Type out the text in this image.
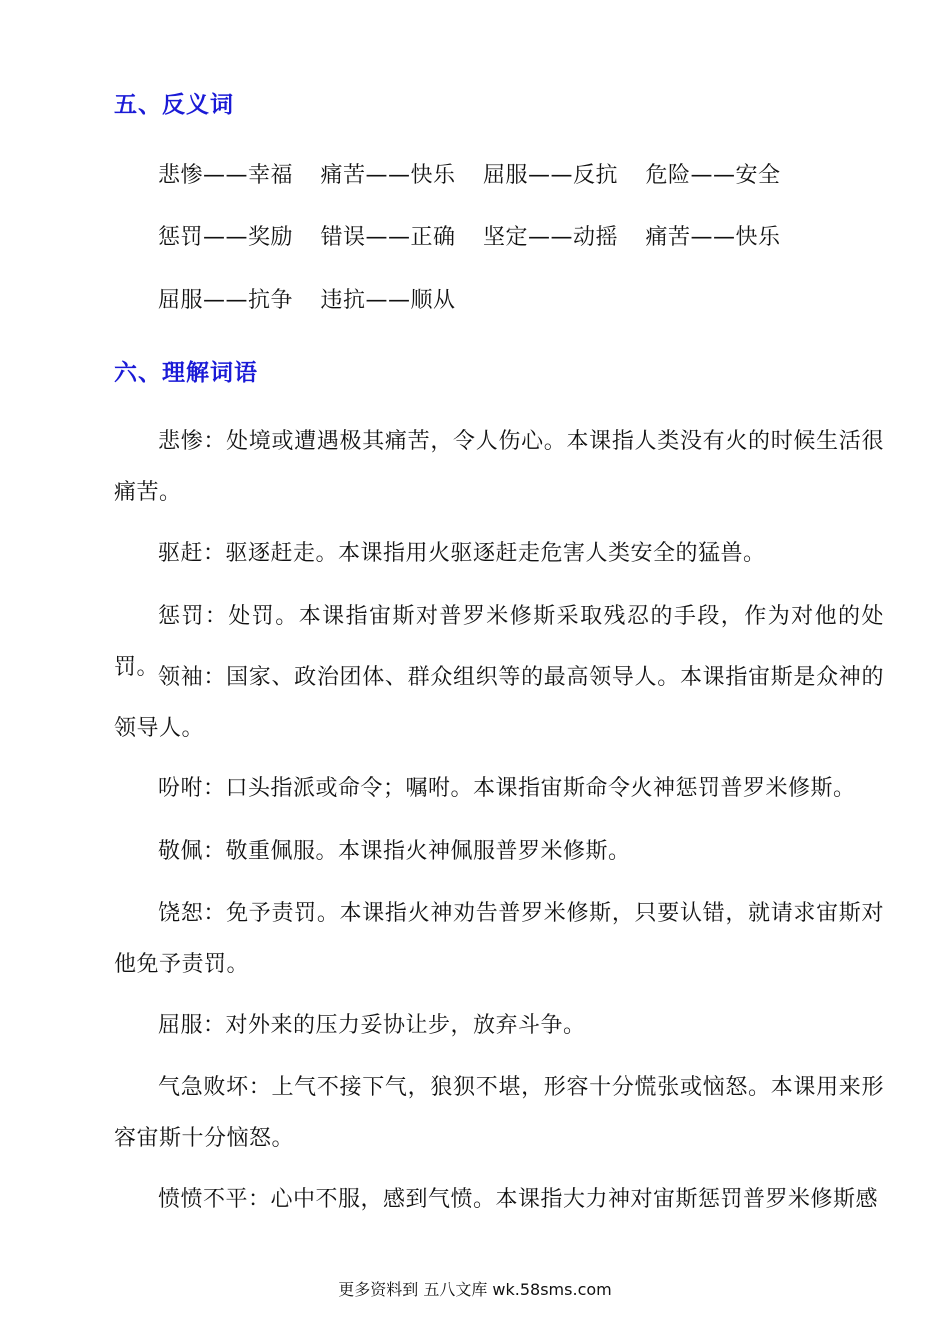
五、反义词
悲惨——幸福 痛苦——快乐 屈服——反抗 危险——安全
惩罚——奖励 错误——正确 坚定——动摇 痛苦——快乐
屈服——抗争 违抗——顺从
六、理解词语
悲惨：处境或遭遇极其痛苦，令人伤心。本课指人类没有火的时候生活很痛苦。
驱赶：驱逐赶走。本课指用火驱逐赶走危害人类安全的猛兽。
惩罚：处罚。本课指宙斯对普罗米修斯采取残忍的手段，作为对他的处罚。
领袖：国家、政治团体、群众组织等的最高领导人。本课指宙斯是众神的领导人。
吩咐：口头指派或命令；嘱咐。本课指宙斯命令火神惩罚普罗米修斯。
敬佩：敬重佩服。本课指火神佩服普罗米修斯。
饶恕：免予责罚。本课指火神劝告普罗米修斯，只要认错，就请求宙斯对他免予责罚。
屈服：对外来的压力妥协让步，放弃斗争。
气急败坏：上气不接下气，狼狈不堪，形容十分慌张或恼怒。本课用来形容宙斯十分恼怒。
愤愤不平：心中不服，感到气愤。本课指大力神对宙斯惩罚普罗米修斯感
更多资料到 五八文库 wk.58sms.com
